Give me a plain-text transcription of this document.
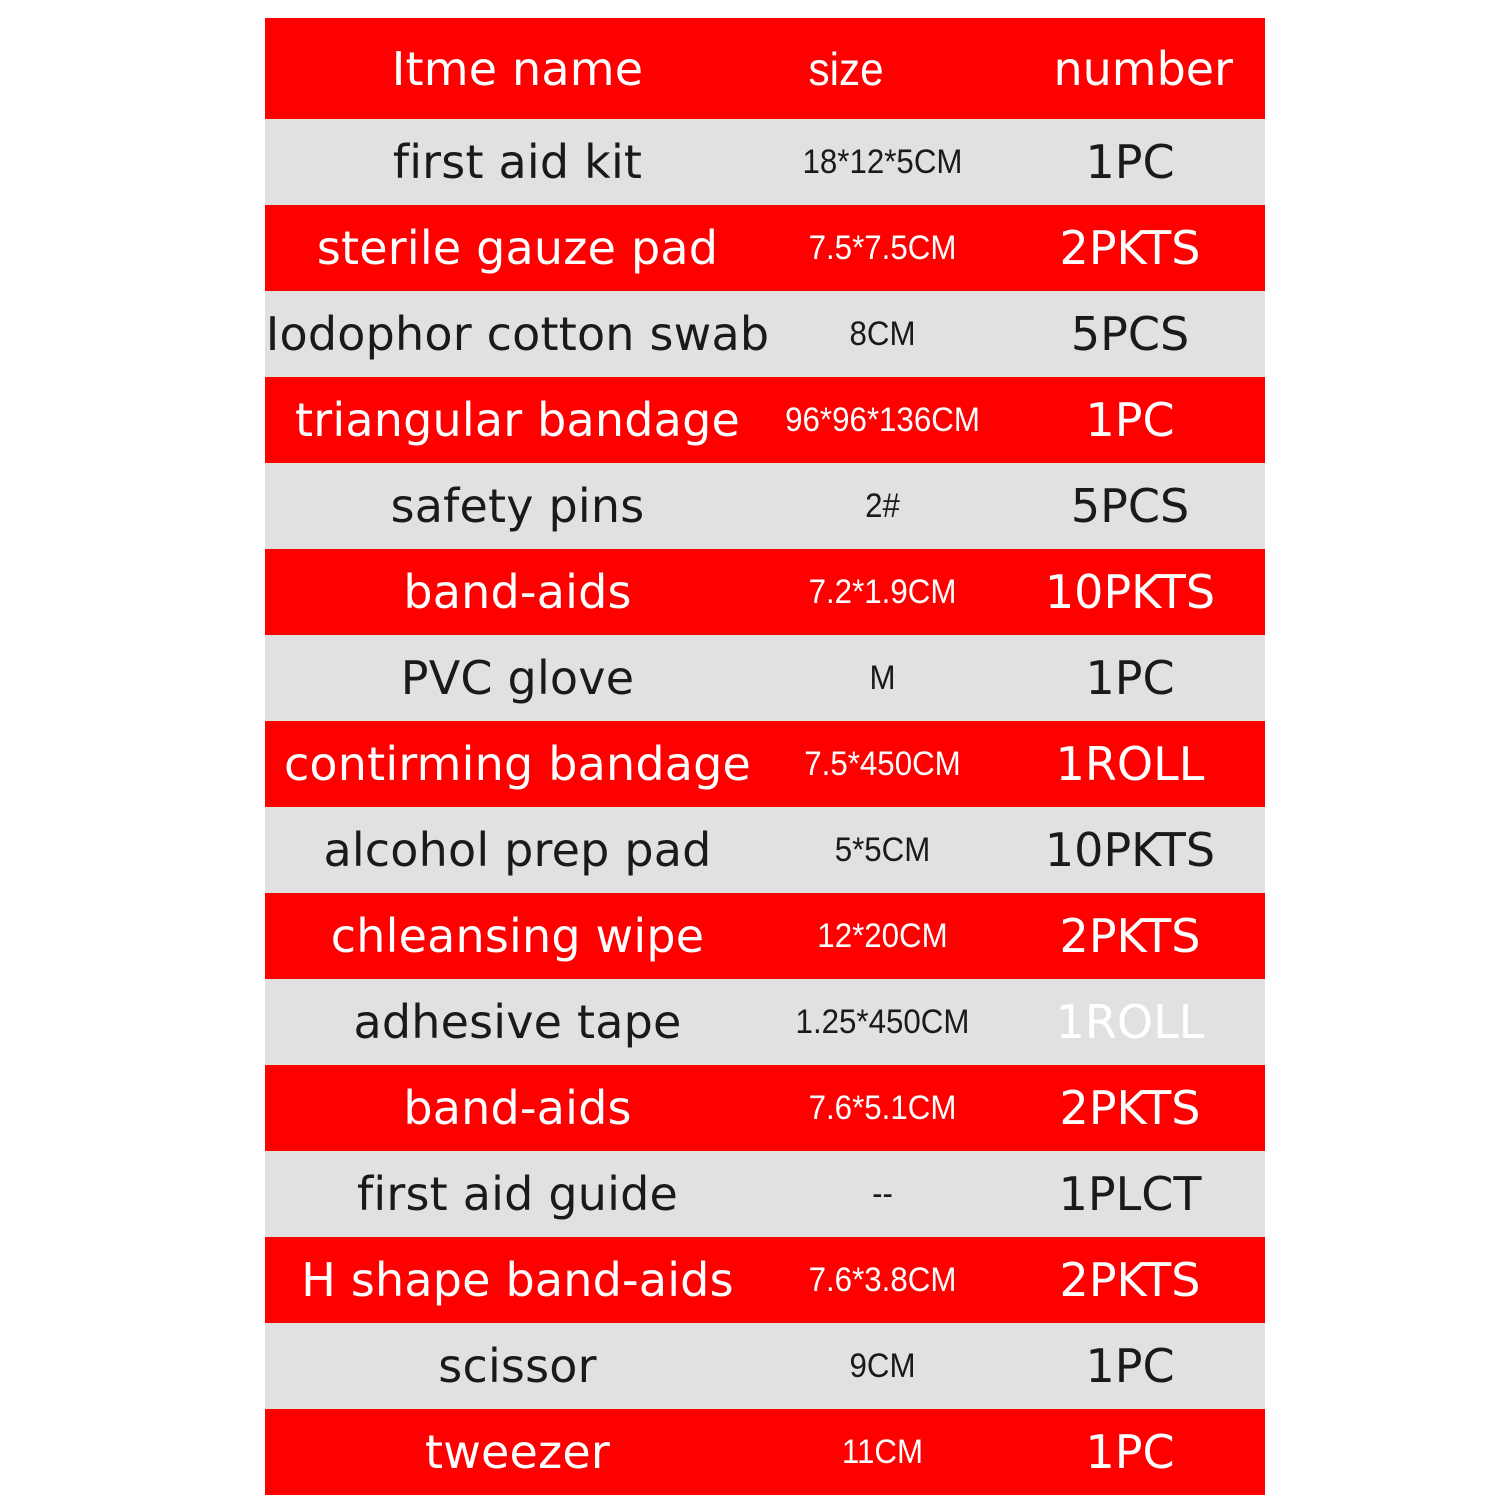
Itme name	size	number
first aid kit	18*12*5CM	1PC
sterile gauze pad	7.5*7.5CM	2PKTS
Iodophor cotton swab	8CM	5PCS
triangular bandage	96*96*136CM	1PC
safety pins	2#	5PCS
band-aids	7.2*1.9CM	10PKTS
PVC glove	M	1PC
contirming bandage	7.5*450CM	1ROLL
alcohol prep pad	5*5CM	10PKTS
chleansing wipe	12*20CM	2PKTS
adhesive tape	1.25*450CM	1ROLL
band-aids	7.6*5.1CM	2PKTS
first aid guide	--	1PLCT
H shape band-aids	7.6*3.8CM	2PKTS
scissor	9CM	1PC
tweezer	11CM	1PC
